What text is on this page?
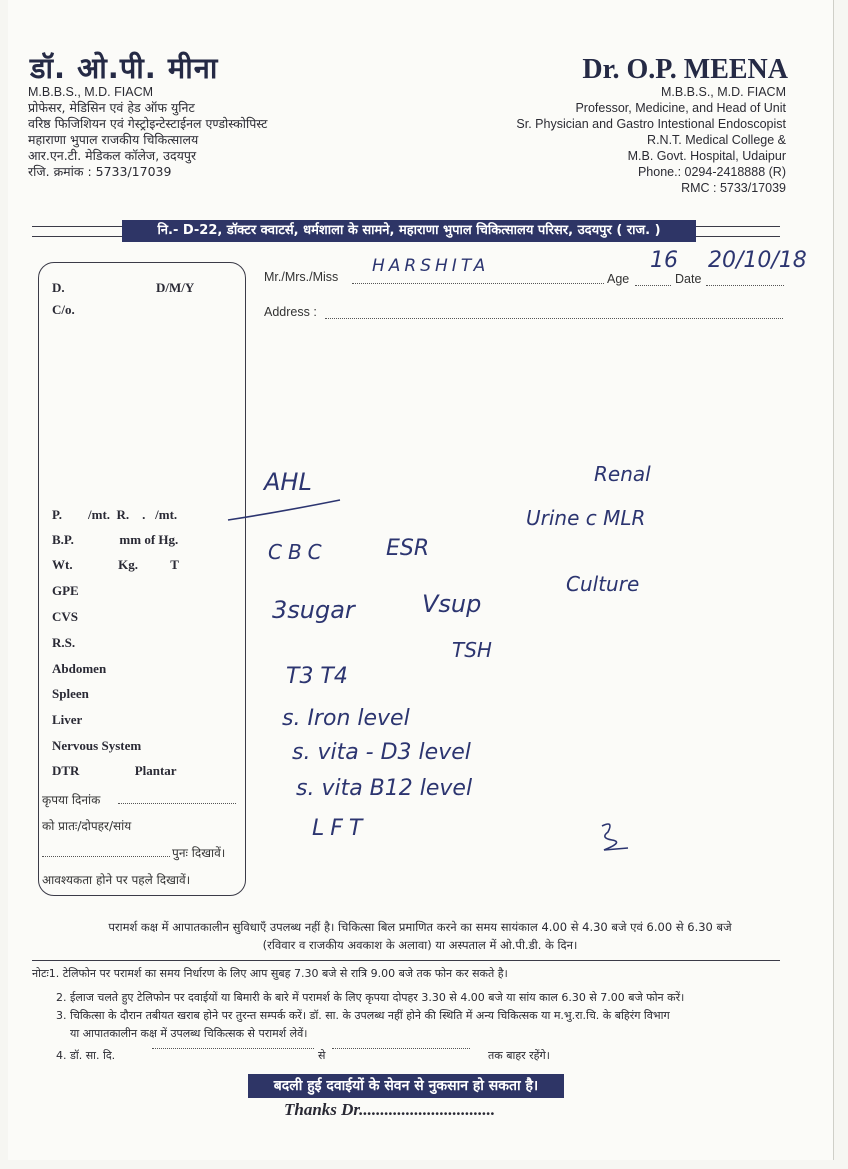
डॉ. ओ.पी. मीना	Dr. O.P. MEENA
M.B.B.S., M.D. FIACM
प्रोफेसर, मेडिसिन एवं हेड ऑफ युनिट
वरिष्ठ फिजिशियन एवं गेस्ट्रोइन्टेस्टाईनल एण्डोस्कोपिस्ट
महाराणा भुपाल राजकीय चिकित्सालय
आर.एन.टी. मेडिकल कॉलेज, उदयपुर
रजि. क्रमांक : 5733/17039
M.B.B.S., M.D. FIACM
Professor, Medicine, and Head of Unit
Sr. Physician and Gastro Intestional Endoscopist
R.N.T. Medical College &
M.B. Govt. Hospital, Udaipur
Phone.: 0294-2418888 (R)
RMC : 5733/17039
नि.- D-22, डॉक्टर क्वाटर्स, धर्मशाला के सामने, महाराणा भुपाल चिकित्सालय परिसर, उदयपुर ( राज. )
Mr./Mrs./Miss
HARSHITA
Age
16
Date
20/10/18
Address :
D.	D/M/Y
C/o.
P.        /mt.  R.    .   /mt.
B.P.              mm of Hg.
Wt.              Kg.          T
GPE
CVS
R.S.
Abdomen
Spleen
Liver
Nervous System
DTR                 Plantar
कृपया दिनांक
को प्रातः/दोपहर/सांय
पुनः दिखावें।
आवश्यकता होने पर पहले दिखावें।
AHL
CBC	ESR
3sugar	Vsup
TSH
T3 T4
s. Iron level
s. vita - D3 level
s. vita B12 level
LFT
Renal
Urine c MLR
Culture
परामर्श कक्ष में आपातकालीन सुविधाएँ उपलब्ध नहीं है। चिकित्सा बिल प्रमाणित करने का समय सायंकाल 4.00 से 4.30 बजे एवं 6.00 से 6.30 बजे
(रविवार व राजकीय अवकाश के अलावा) या अस्पताल में ओ.पी.डी. के दिन।
नोटः1. टेलिफोन पर परामर्श का समय निर्धारण के लिए आप सुबह 7.30 बजे से रात्रि 9.00 बजे तक फोन कर सकते है।
2. ईलाज चलते हुए टेलिफोन पर दवाईयों या बिमारी के बारे में परामर्श के लिए कृपया दोपहर 3.30 से 4.00 बजे या सांय काल 6.30 से 7.00 बजे फोन करें।
3. चिकित्सा के दौरान तबीयत खराब होने पर तुरन्त सम्पर्क करें। डॉ. सा. के उपलब्ध नहीं होने की स्थिति में अन्य चिकित्सक या म.भु.रा.चि. के बहिरंग विभाग
या आपातकालीन कक्ष में उपलब्ध चिकित्सक से परामर्श लेवें।
4. डॉ. सा. दि.	से	तक बाहर रहेंगे।
बदली हुई दवाईयों के सेवन से नुकसान हो सकता है।
Thanks Dr................................
